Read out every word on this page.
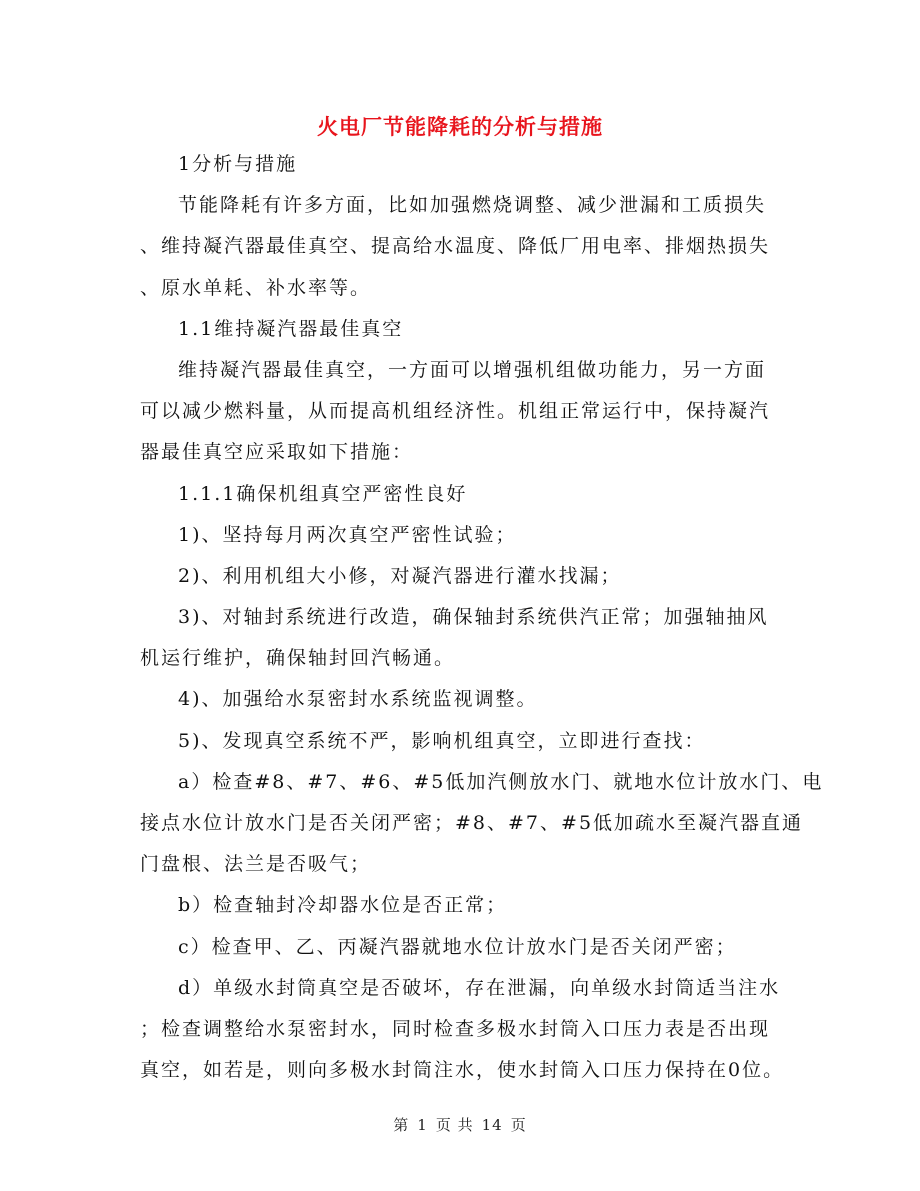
火电厂节能降耗的分析与措施
1分析与措施
节能降耗有许多方面，比如加强燃烧调整、减少泄漏和工质损失
、维持凝汽器最佳真空、提高给水温度、降低厂用电率、排烟热损失
、原水单耗、补水率等。
1.1维持凝汽器最佳真空
维持凝汽器最佳真空，一方面可以增强机组做功能力，另一方面
可以减少燃料量，从而提高机组经济性。机组正常运行中，保持凝汽
器最佳真空应采取如下措施：
1.1.1确保机组真空严密性良好
1)、坚持每月两次真空严密性试验；
2)、利用机组大小修，对凝汽器进行灌水找漏；
3)、对轴封系统进行改造，确保轴封系统供汽正常；加强轴抽风
机运行维护，确保轴封回汽畅通。
4)、加强给水泵密封水系统监视调整。
5)、发现真空系统不严，影响机组真空，立即进行查找：
a）检查#8、#7、#6、#5低加汽侧放水门、就地水位计放水门、电
接点水位计放水门是否关闭严密；#8、#7、#5低加疏水至凝汽器直通
门盘根、法兰是否吸气；
b）检查轴封冷却器水位是否正常；
c）检查甲、乙、丙凝汽器就地水位计放水门是否关闭严密；
d）单级水封筒真空是否破坏，存在泄漏，向单级水封筒适当注水
；检查调整给水泵密封水，同时检查多极水封筒入口压力表是否出现
真空，如若是，则向多极水封筒注水，使水封筒入口压力保持在0位。
第 1 页 共 14 页
